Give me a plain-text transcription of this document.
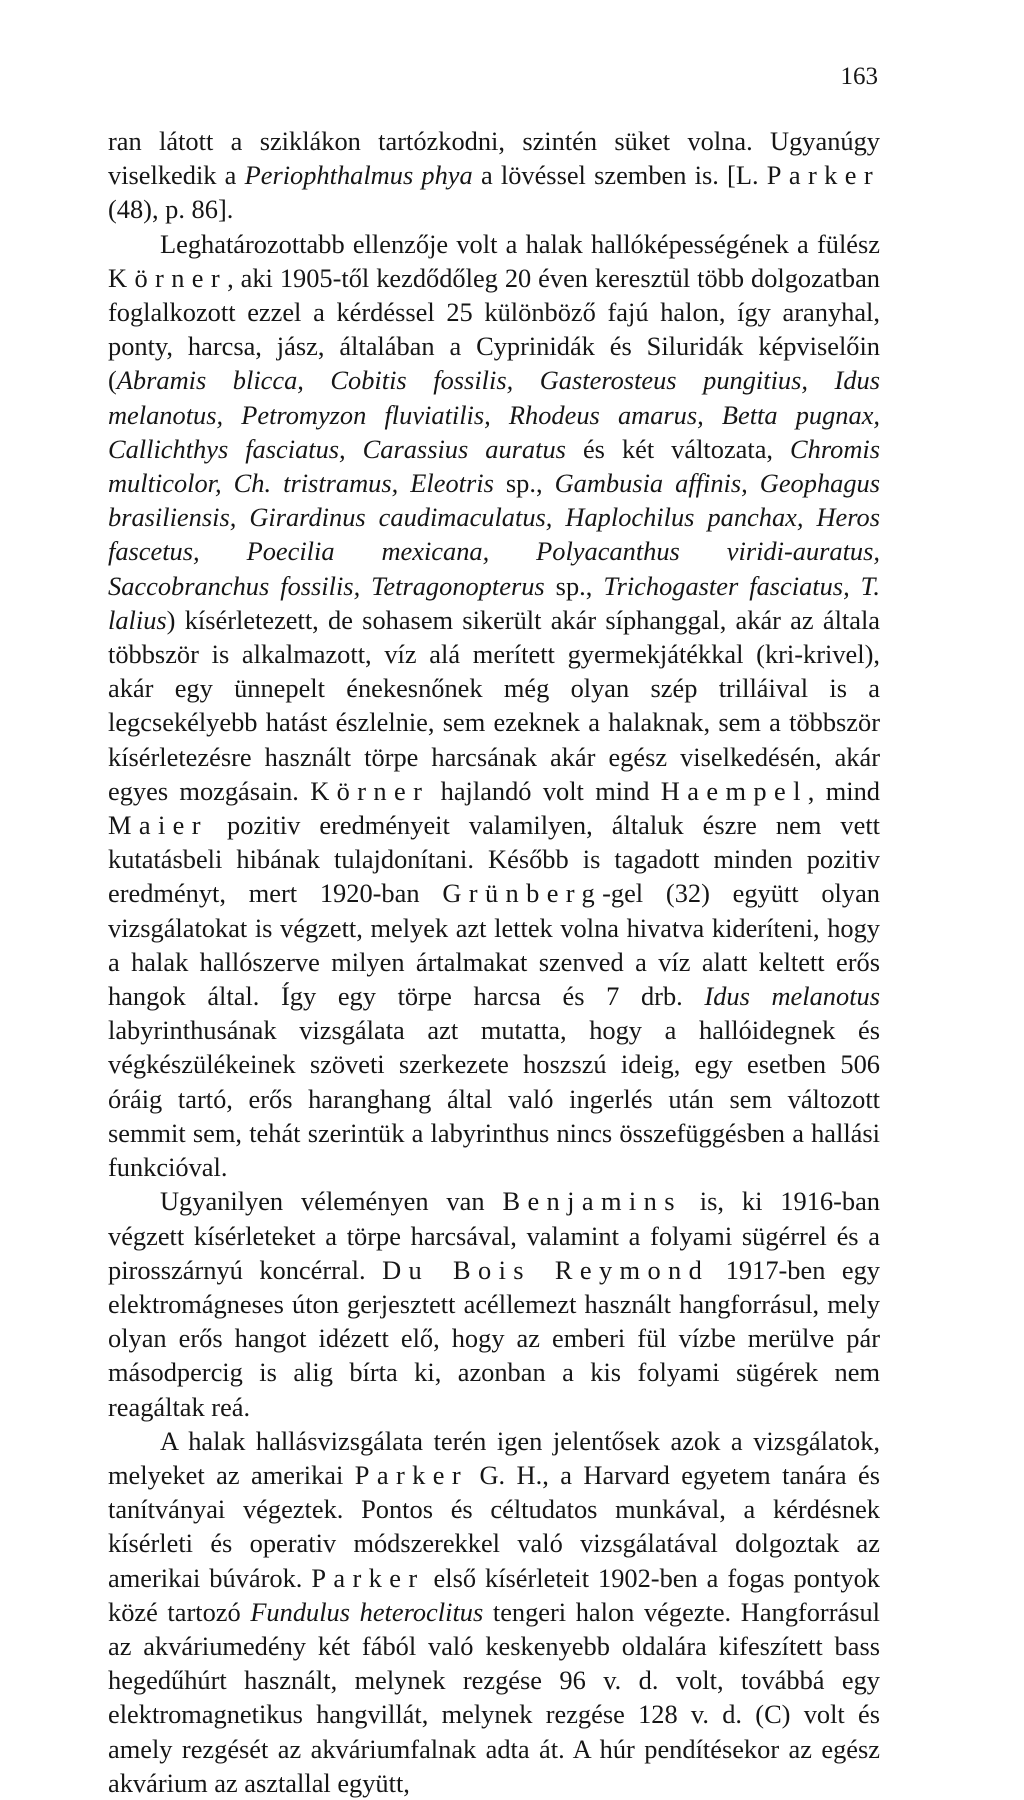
163

ran látott a sziklákon tartózkodni, szintén süket volna. Ugyanúgy viselkedik a Periophthalmus phya a lövéssel szemben is. [L. Parker (48), p. 86].

Leghatározottabb ellenzője volt a halak hallóképességének a fülész Körner, aki 1905-től kezdődőleg 20 éven keresztül több dolgozatban foglalkozott ezzel a kérdéssel 25 különböző fajú halon, így aranyhal, ponty, harcsa, jász, általában a Cyprinidák és Siluridák képviselőin (Abramis blicca, Cobitis fossilis, Gasterosteus pungitius, Idus melanotus, Petromyzon fluviatilis, Rhodeus amarus, Betta pugnax, Callichthys fasciatus, Carassius auratus és két változata, Chromis multicolor, Ch. tristramus, Eleotris sp., Gambusia affinis, Geophagus brasiliensis, Girardinus caudimaculatus, Haplochilus panchax, Heros fascetus, Poecilia mexicana, Polyacanthus viridi-auratus, Saccobranchus fossilis, Tetragonopterus sp., Trichogaster fasciatus, T. lalius) kísérletezett, de sohasem sikerült akár síphanggal, akár az általa többször is alkalmazott, víz alá merített gyermekjátékkal (kri-krivel), akár egy ünnepelt énekesnőnek még olyan szép trilláival is a legcsekélyebb hatást észlelnie, sem ezeknek a halaknak, sem a többször kísérletezésre használt törpe harcsának akár egész viselkedésén, akár egyes mozgásain. Körner hajlandó volt mind Haempel, mind Maier pozitiv eredményeit valamilyen, általuk észre nem vett kutatásbeli hibának tulajdonítani. Később is tagadott minden pozitiv eredményt, mert 1920-ban Grünberg-gel (32) együtt olyan vizsgálatokat is végzett, melyek azt lettek volna hivatva kideríteni, hogy a halak hallószerve milyen ártalmakat szenved a víz alatt keltett erős hangok által. Így egy törpe harcsa és 7 drb. Idus melanotus labyrinthusának vizsgálata azt mutatta, hogy a hallóidegnek és végkészülékeinek szöveti szerkezete hoszszú ideig, egy esetben 506 óráig tartó, erős haranghang által való ingerlés után sem változott semmit sem, tehát szerintük a labyrinthus nincs összefüggésben a hallási funkcióval.

Ugyanilyen véleményen van Benjamins is, ki 1916-ban végzett kísérleteket a törpe harcsával, valamint a folyami sügérrel és a pirosszárnyú koncérral. Du Bois Reymond 1917-ben egy elektromágneses úton gerjesztett acéllemezt használt hangforrásul, mely olyan erős hangot idézett elő, hogy az emberi fül vízbe merülve pár másodpercig is alig bírta ki, azonban a kis folyami sügérek nem reagáltak reá.

A halak hallásvizsgálata terén igen jelentősek azok a vizsgálatok, melyeket az amerikai Parker G. H., a Harvard egyetem tanára és tanítványai végeztek. Pontos és céltudatos munkával, a kérdésnek kísérleti és operativ módszerekkel való vizsgálatával dolgoztak az amerikai búvárok. Parker első kísérleteit 1902-ben a fogas pontyok közé tartozó Fundulus heteroclitus tengeri halon végezte. Hangforrásul az akváriumedény két fából való keskenyebb oldalára kifeszített bass hegedűhúrt használt, melynek rezgése 96 v. d. volt, továbbá egy elektromagnetikus hangvillát, melynek rezgése 128 v. d. (C) volt és amely rezgését az akváriumfalnak adta át. A húr pendítésekor az egész akvárium az asztallal együtt,
